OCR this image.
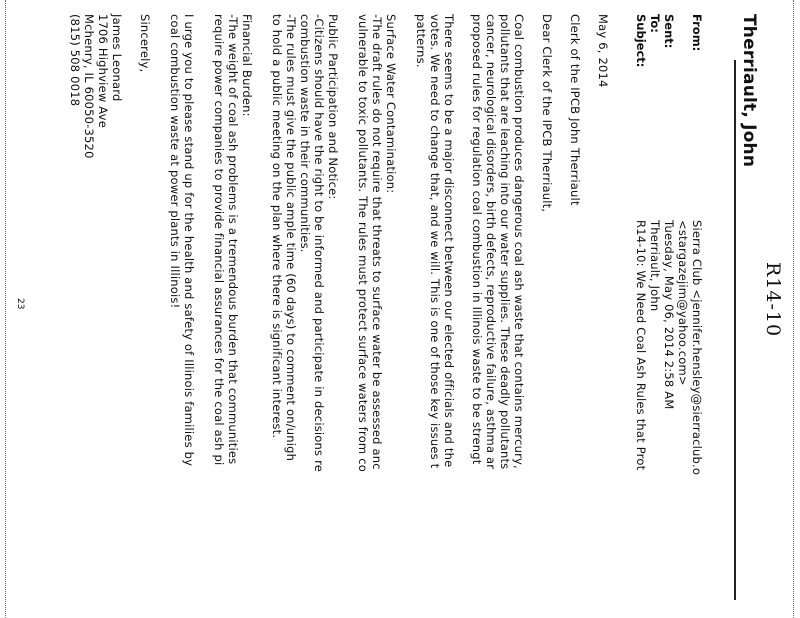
R14-10
Therriault, John
From:
Sent:
To:
Subject:
Sierra Club <jennifer.hensley@sierraclub.o
<stargazejim@yahoo.com>
Tuesday, May 06, 2014 2:58 AM
Therriault, John
R14-10: We Need Coal Ash Rules that Prot
May 6, 2014
Clerk of the IPCB John Therriault
Dear Clerk of the IPCB Therriault,
Coal combustion produces dangerous coal ash waste that contains mercury,
pollutants that are leaching into our water supplies. These deadly pollutants
cancer, neurological disorders, birth defects, reproductive failure, asthma ar
proposed rules for regulation coal combustion in Illinois waste to be strengt
There seems to be a major disconnect between our elected officials and the
votes. We need to change that, and we will. This is one of those key issues t
patterns.
Surface Water Contamination:
-The draft rules do not require that threats to surface water be assessed anc
vulnerable to toxic pollutants. The rules must protect surface waters from co
Public Participation and Notice:
-Citizens should have the right to be informed and participate in decisions re
combustion waste in their communities.
-The rules must give the public ample time (60 days) to comment on/unigh
to hold a public meeting on the plan where there is significant interest.
Financial Burden:
-The weight of coal ash problems is a tremendous burden that communities
require power companies to provide financial assurances for the coal ash pi
I urge you to please stand up for the health and safety of Illinois families by
coal combustion waste at power plants in Illinois!
Sincerely,
James Leonard
1706 Highview Ave
Mchenry, IL 60050-3520
(815) 508 0018
23
